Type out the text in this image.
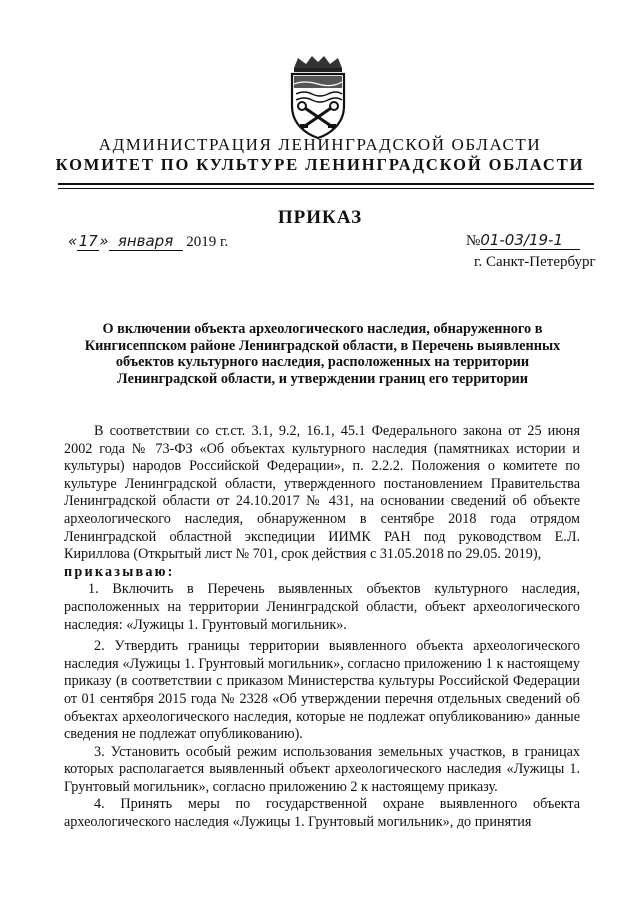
АДМИНИСТРАЦИЯ ЛЕНИНГРАДСКОЙ ОБЛАСТИ
КОМИТЕТ ПО КУЛЬТУРЕ ЛЕНИНГРАДСКОЙ ОБЛАСТИ
ПРИКАЗ
«17» января 2019 г.	№01-03/19-1
г. Санкт-Петербург
О включении объекта археологического наследия, обнаруженного в
Кингисеппском районе Ленинградской области, в Перечень выявленных
объектов культурного наследия, расположенных на территории
Ленинградской области, и утверждении границ его территории

В соответствии со ст.ст. 3.1, 9.2, 16.1, 45.1 Федерального закона от 25 июня 2002 года № 73-ФЗ «Об объектах культурного наследия (памятниках истории и культуры) народов Российской Федерации», п. 2.2.2. Положения о комитете по культуре Ленинградской области, утвержденного постановлением Правительства Ленинградской области от 24.10.2017 № 431, на основании сведений об объекте археологического наследия, обнаруженном в сентябре 2018 года отрядом Ленинградской областной экспедиции ИИМК РАН под руководством Е.Л. Кириллова (Открытый лист № 701, срок действия с 31.05.2018 по 29.05. 2019),

приказываю:

1. Включить в Перечень выявленных объектов культурного наследия, расположенных на территории Ленинградской области, объект археологического наследия: «Лужицы 1. Грунтовый могильник».

2. Утвердить границы территории выявленного объекта археологического наследия «Лужицы 1. Грунтовый могильник», согласно приложению 1 к настоящему приказу (в соответствии с приказом Министерства культуры Российской Федерации от 01 сентября 2015 года № 2328 «Об утверждении перечня отдельных сведений об объектах археологического наследия, которые не подлежат опубликованию» данные сведения не подлежат опубликованию).

3. Установить особый режим использования земельных участков, в границах которых располагается выявленный объект археологического наследия «Лужицы 1. Грунтовый могильник», согласно приложению 2 к настоящему приказу.

4. Принять меры по государственной охране выявленного объекта археологического наследия «Лужицы 1. Грунтовый могильник», до принятия
